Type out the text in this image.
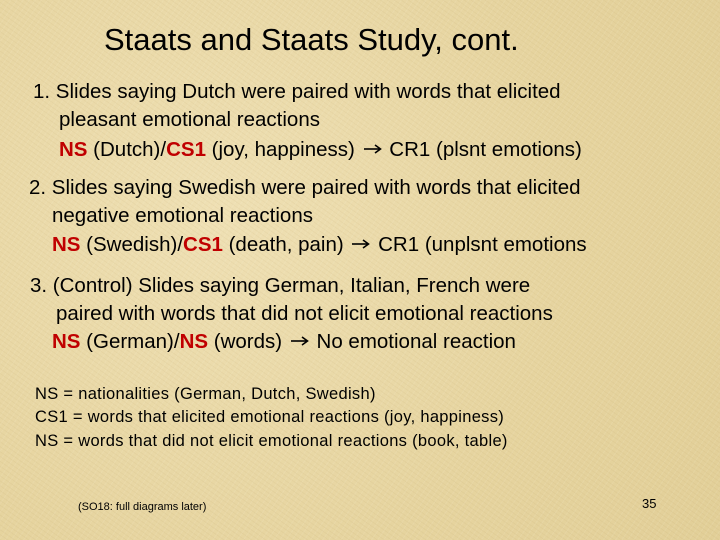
Staats and Staats Study, cont.
1. Slides saying Dutch were paired with words that elicited
pleasant emotional reactions
NS (Dutch)/CS1 (joy, happiness) CR1 (plsnt emotions)
2. Slides saying Swedish were paired with words that elicited
negative emotional reactions
NS (Swedish)/CS1 (death, pain) CR1 (unplsnt emotions
3. (Control) Slides saying German, Italian, French were
paired with words that did not elicit emotional reactions
NS (German)/NS (words) No emotional reaction
NS = nationalities (German, Dutch, Swedish)
CS1 = words that elicited emotional reactions (joy, happiness)
NS = words that did not elicit emotional reactions (book, table)
(SO18: full diagrams later)	35
